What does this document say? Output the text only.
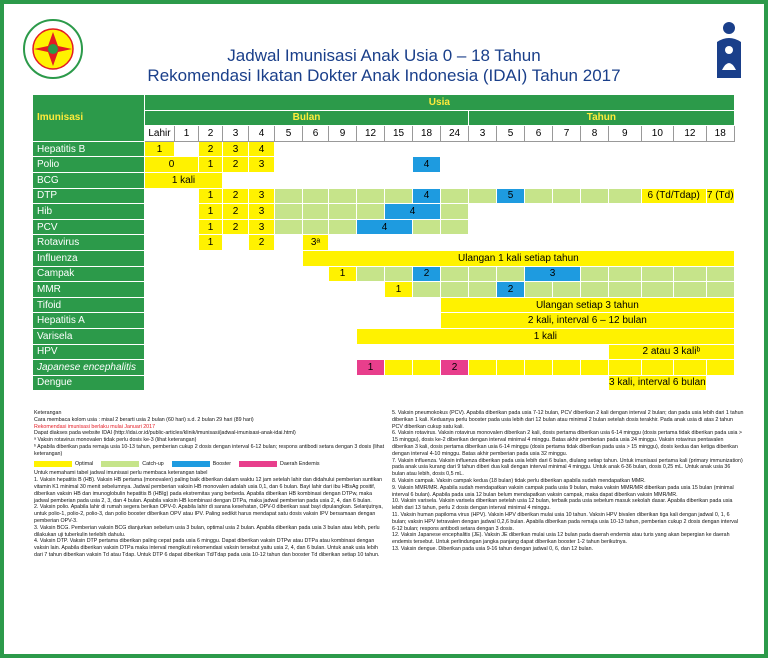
Jadwal Imunisasi Anak Usia 0 – 18 Tahun
Rekomendasi Ikatan Dokter Anak Indonesia (IDAI) Tahun 2017
Imunisasi	Usia																				
	Bulan												Tahun								
	Lahir	1	2	3	4	5	6	9	12	15	18	24	3	5	6	7	8	9	10	12	18
Hepatitis B	1		2	3	4																
Polio	0		1	2	3						4										
BCG	1 kali																				
DTP			1	2	3						4			5					6 (Td/Tdap)		7 (Td)
Hib			1	2	3					4											
PCV			1	2	3				4												
Rotavirus			1		2		3ᵃ														
Influenza							Ulangan 1 kali setiap tahun														
Campak								1			2				3						
MMR										1				2							
Tifoid												Ulangan setiap 3 tahun									
Hepatitis A												2 kali, interval 6 – 12 bulan									
Varisela									1 kali												
HPV																		2 atau 3 kaliᵇ			
Japanese encephalitis									1			2									
Dengue																		3 kali, interval 6 bulan			
Keterangan
Cara membaca kolom usia : misal 2 berarti usia 2 bulan (60 hari) s.d. 2 bulan 29 hari (89 hari)
Rekomendasi imunisasi berlaku mulai Januari 2017
Dapat diakses pada website IDAI (http://idai.or.id/public-articles/klinik/imunisasi/jadwal-imunisasi-anak-idai.html)
ᵃ Vaksin rotavirus monovalen tidak perlu dosis ke-3 (lihat keterangan)
ᵇ Apabila diberikan pada remaja usia 10-13 tahun, pemberian cukup 2 dosis dengan interval 6-12 bulan; respons antibodi setara dengan 3 dosis (lihat keterangan)
Optimal	Catch-up	Booster	Daerah Endemis
Untuk memahami tabel jadwal imunisasi perlu membaca keterangan tabel
1. Vaksin hepatitis B (HB). Vaksin HB pertama (monovalen) paling baik diberikan dalam waktu 12 jam setelah lahir dan didahului pemberian suntikan vitamin K1 minimal 30 menit sebelumnya. Jadwal pemberian vaksin HB monovalen adalah usia 0,1, dan 6 bulan. Bayi lahir dari ibu HBsAg positif, diberikan vaksin HB dan imunoglobulin hepatitis B (HBIg) pada ekstremitas yang berbeda. Apabila diberikan HB kombinasi dengan DTPw, maka jadwal pemberian pada usia 2, 3, dan 4 bulan. Apabila vaksin HB kombinasi dengan DTPa, maka jadwal pemberian pada usia 2, 4, dan 6 bulan.
2. Vaksin polio. Apabila lahir di rumah segera berikan OPV-0. Apabila lahir di sarana kesehatan, OPV-0 diberikan saat bayi dipulangkan. Selanjutnya, untuk polio-1, polio-2, polio-3, dan polio booster diberikan OPV atau IPV. Paling sedikit harus mendapat satu dosis vaksin IPV bersamaan dengan pemberian OPV-3.
3. Vaksin BCG. Pemberian vaksin BCG dianjurkan sebelum usia 3 bulan, optimal usia 2 bulan. Apabila diberikan pada usia 3 bulan atau lebih, perlu dilakukan uji tuberkulin terlebih dahulu.
4. Vaksin DTP. Vaksin DTP pertama diberikan paling cepat pada usia 6 minggu. Dapat diberikan vaksin DTPw atau DTPa atau kombinasi dengan vaksin lain. Apabila diberikan vaksin DTPa maka interval mengikuti rekomendasi vaksin tersebut yaitu usia 2, 4, dan 6 bulan. Untuk anak usia lebih dari 7 tahun diberikan vaksin Td atau Tdap. Untuk DTP 6 dapat diberikan Td/Tdap pada usia 10-12 tahun dan booster Td diberikan setiap 10 tahun.
5. Vaksin pneumokokus (PCV). Apabila diberikan pada usia 7-12 bulan, PCV diberikan 2 kali dengan interval 2 bulan; dan pada usia lebih dari 1 tahun diberikan 1 kali. Keduanya perlu booster pada usia lebih dari 12 bulan atau minimal 2 bulan setelah dosis terakhir. Pada anak usia di atas 2 tahun PCV diberikan cukup satu kali.
6. Vaksin rotavirus. Vaksin rotavirus monovalen diberikan 2 kali, dosis pertama diberikan usia 6-14 minggu (dosis pertama tidak diberikan pada usia > 15 minggu), dosis ke-2 diberikan dengan interval minimal 4 minggu. Batas akhir pemberian pada usia 24 minggu. Vaksin rotavirus pentavalen diberikan 3 kali, dosis pertama diberikan usia 6-14 minggu (dosis pertama tidak diberikan pada usia > 15 minggu), dosis kedua dan ketiga diberikan dengan interval 4-10 minggu. Batas akhir pemberian pada usia 32 minggu.
7. Vaksin influenza. Vaksin influenza diberikan pada usia lebih dari 6 bulan, diulang setiap tahun. Untuk imunisasi pertama kali (primary immunization) pada anak usia kurang dari 9 tahun diberi dua kali dengan interval minimal 4 minggu. Untuk anak 6-36 bulan, dosis 0,25 mL. Untuk anak usia 36 bulan atau lebih, dosis 0,5 mL.
8. Vaksin campak. Vaksin campak kedua (18 bulan) tidak perlu diberikan apabila sudah mendapatkan MMR.
9. Vaksin MMR/MR. Apabila sudah mendapatkan vaksin campak pada usia 9 bulan, maka vaksin MMR/MR diberikan pada usia 15 bulan (minimal interval 6 bulan). Apabila pada usia 12 bulan belum mendapatkan vaksin campak, maka dapat diberikan vaksin MMR/MR.
10. Vaksin varisela. Vaksin varisela diberikan setelah usia 12 bulan, terbaik pada usia sebelum masuk sekolah dasar. Apabila diberikan pada usia lebih dari 13 tahun, perlu 2 dosis dengan interval minimal 4 minggu.
11. Vaksin human papiloma virus (HPV). Vaksin HPV diberikan mulai usia 10 tahun. Vaksin HPV bivalen diberikan tiga kali dengan jadwal 0, 1, 6 bulan; vaksin HPV tetravalen dengan jadwal 0,2,6 bulan. Apabila diberikan pada remaja usia 10-13 tahun, pemberian cukup 2 dosis dengan interval 6-12 bulan; respons antibodi setara dengan 3 dosis.
12. Vaksin Japanese encephalitis (JE). Vaksin JE diberikan mulai usia 12 bulan pada daerah endemis atau turis yang akan bepergian ke daerah endemis tersebut. Untuk perlindungan jangka panjang dapat diberikan booster 1-2 tahun berikutnya.
13. Vaksin dengue. Diberikan pada usia 9-16 tahun dengan jadwal 0, 6, dan 12 bulan.
